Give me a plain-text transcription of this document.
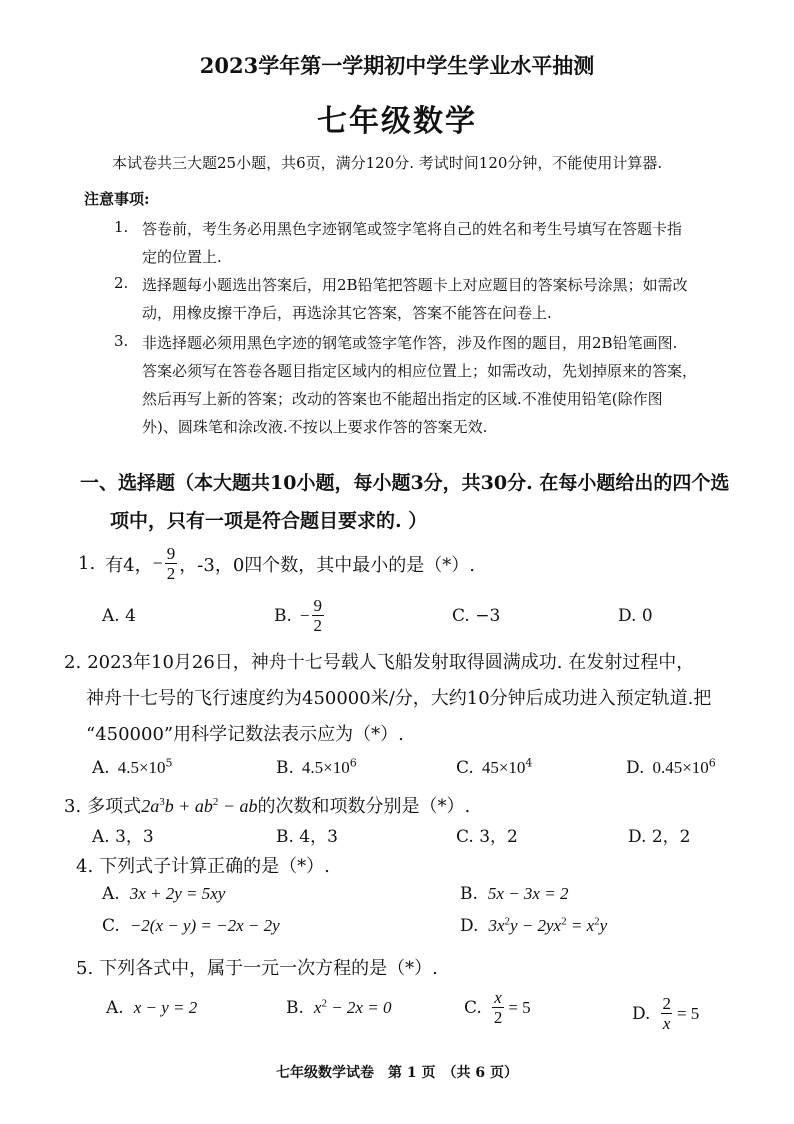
2023学年第一学期初中学生学业水平抽测
七年级数学
本试卷共三大题25小题，共6页，满分120分. 考试时间120分钟，不能使用计算器.
注意事项:
1. 答卷前，考生务必用黑色字迹钢笔或签字笔将自己的姓名和考生号填写在答题卡指
定的位置上.
2. 选择题每小题选出答案后，用2B铅笔把答题卡上对应题目的答案标号涂黑；如需改
动，用橡皮擦干净后，再选涂其它答案，答案不能答在问卷上.
3. 非选择题必须用黑色字迹的钢笔或签字笔作答，涉及作图的题目，用2B铅笔画图.
答案必须写在答卷各题目指定区域内的相应位置上；如需改动，先划掉原来的答案，
然后再写上新的答案；改动的答案也不能超出指定的区域.不准使用铅笔(除作图
外)、圆珠笔和涂改液.不按以上要求作答的答案无效.
一、选择题（本大题共10小题，每小题3分，共30分. 在每小题给出的四个选
项中，只有一项是符合题目要求的. ）
1. 有4， − $\frac{9}{2}$ ，-3，0四个数，其中最小的是（*）.
A. 4	B. − $\frac{9}{2}$	C. −3	D. 0
2. 2023年10月26日，神舟十七号载人飞船发射取得圆满成功. 在发射过程中，
神舟十七号的飞行速度约为450000米/分，大约10分钟后成功进入预定轨道.把
“450000”用科学记数法表示应为（*）.
A. $4.5\times 10^5$	B. $4.5\times 10^6$	C. $45\times 10^4$	D. $0.45\times 10^6$
3. 多项式$2a^3b + ab^2$ − ab的次数和项数分别是（*）.
A. 3，3	B. 4，3	C. 3，2	D. 2，2
4. 下列式子计算正确的是（*）.
A. 3x + 2y = 5xy	B. 5x − 3x = 2
C. −2(x − y) = −2x − 2y	D. $3x^2y - 2yx^2 = x^2y$
5. 下列各式中，属于一元一次方程的是（*）.
A. x − y = 2	B. $x^2 - 2x = 0$	C. $\frac{x}{2} = 5$	D. $\frac{2}{x} = 5$
七年级数学试卷　第 1 页　（共 6 页）
